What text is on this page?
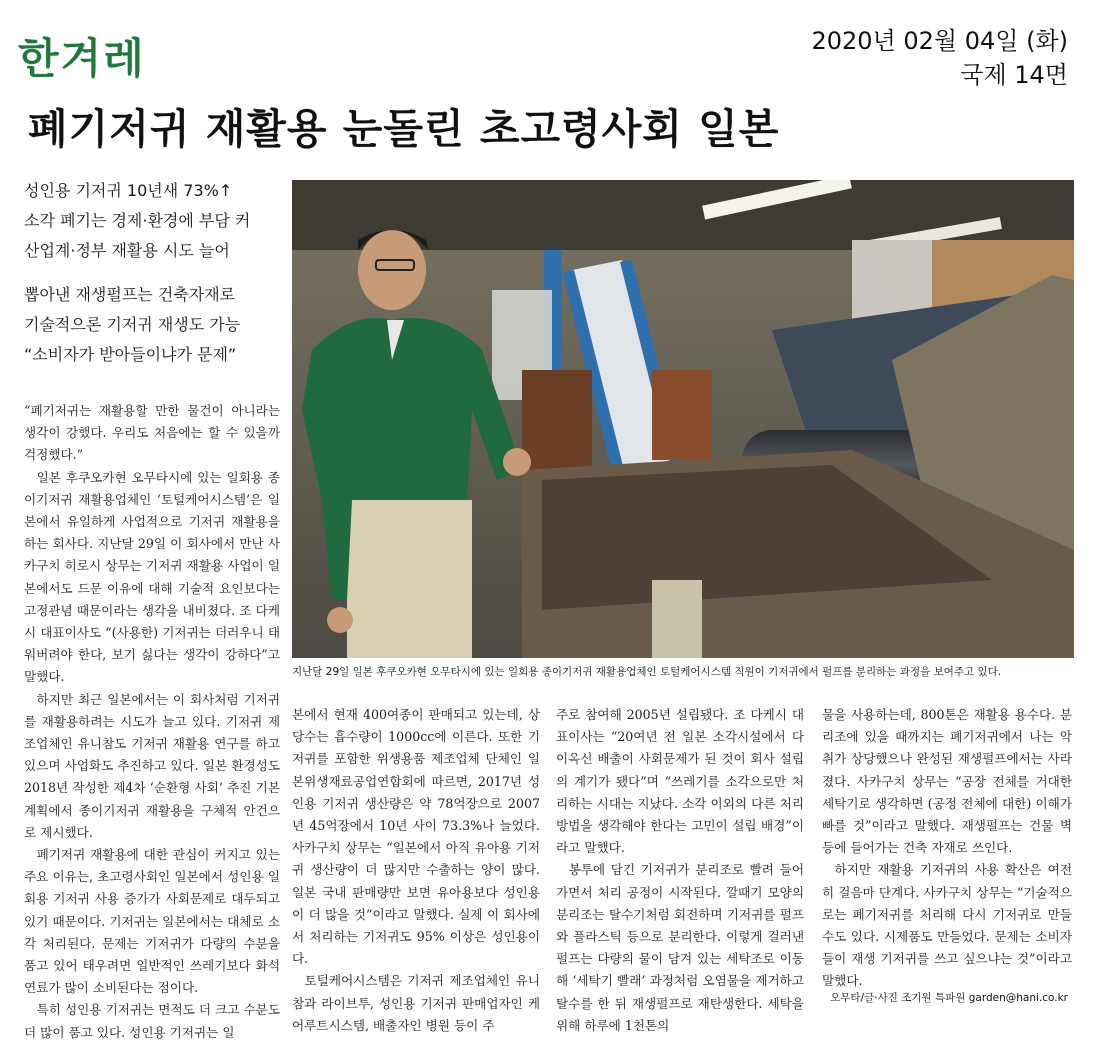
한겨레	2020년 02월 04일 (화)
국제 14면
폐기저귀 재활용 눈돌린 초고령사회 일본

성인용 기저귀 10년새 73%↑

소각 폐기는 경제·환경에 부담 커

산업계·정부 재활용 시도 늘어

뽑아낸 재생펄프는 건축자재로

기술적으론 기저귀 재생도 가능

“소비자가 받아들이냐가 문제”

지난달 29일 일본 후쿠오카현 오무타시에 있는 일회용 종이기저귀 재활용업체인 토털케어시스템 직원이 기저귀에서 펄프를 분리하는 과정을 보여주고 있다.

“폐기저귀는 재활용할 만한 물건이 아니라는 생각이 강했다. 우리도 처음에는 할 수 있을까 걱정했다.”

일본 후쿠오카현 오무타시에 있는 일회용 종이기저귀 재활용업체인 ‘토털케어시스템’은 일본에서 유일하게 사업적으로 기저귀 재활용을 하는 회사다. 지난달 29일 이 회사에서 만난 사카구치 히로시 상무는 기저귀 재활용 사업이 일본에서도 드문 이유에 대해 기술적 요인보다는 고정관념 때문이라는 생각을 내비쳤다. 조 다케시 대표이사도 “(사용한) 기저귀는 더러우니 태워버려야 한다, 보기 싫다는 생각이 강하다”고 말했다.

하지만 최근 일본에서는 이 회사처럼 기저귀를 재활용하려는 시도가 늘고 있다. 기저귀 제조업체인 유니참도 기저귀 재활용 연구를 하고 있으며 사업화도 추진하고 있다. 일본 환경성도 2018년 작성한 제4차 ‘순환형 사회’ 추진 기본계획에서 종이기저귀 재활용을 구체적 안건으로 제시했다.

폐기저귀 재활용에 대한 관심이 커지고 있는 주요 이유는, 초고령사회인 일본에서 성인용 일회용 기저귀 사용 증가가 사회문제로 대두되고 있기 때문이다. 기저귀는 일본에서는 대체로 소각 처리된다. 문제는 기저귀가 다량의 수분을 품고 있어 태우려면 일반적인 쓰레기보다 화석 연료가 많이 소비된다는 점이다.

특히 성인용 기저귀는 면적도 더 크고 수분도 더 많이 품고 있다. 성인용 기저귀는 일

본에서 현재 400여종이 판매되고 있는데, 상당수는 흡수량이 1000cc에 이른다. 또한 기저귀를 포함한 위생용품 제조업체 단체인 일본위생재료공업연합회에 따르면, 2017년 성인용 기저귀 생산량은 약 78억장으로 2007년 45억장에서 10년 사이 73.3%나 늘었다. 사카구치 상무는 “일본에서 아직 유아용 기저귀 생산량이 더 많지만 수출하는 양이 많다. 일본 국내 판매량만 보면 유아용보다 성인용이 더 많을 것”이라고 말했다. 실제 이 회사에서 처리하는 기저귀도 95% 이상은 성인용이다.

토털케어시스템은 기저귀 제조업체인 유니참과 라이브투, 성인용 기저귀 판매업자인 케어루트시스템, 배출자인 병원 등이 주

주로 참여해 2005년 설립됐다. 조 다케시 대표이사는 “20여년 전 일본 소각시설에서 다이옥신 배출이 사회문제가 된 것이 회사 설립의 계기가 됐다”며 “쓰레기를 소각으로만 처리하는 시대는 지났다. 소각 이외의 다른 처리 방법을 생각해야 한다는 고민이 설립 배경”이라고 말했다.

봉투에 담긴 기저귀가 분리조로 빨려 들어가면서 처리 공정이 시작된다. 깔때기 모양의 분리조는 탈수기처럼 회전하며 기저귀를 펄프와 플라스틱 등으로 분리한다. 이렇게 걸러낸 펄프는 다량의 물이 담겨 있는 세탁조로 이동해 ‘세탁기 빨래’ 과정처럼 오염물을 제거하고 탈수를 한 뒤 재생펄프로 재탄생한다. 세탁을 위해 하루에 1천톤의

물을 사용하는데, 800톤은 재활용 용수다. 분리조에 있을 때까지는 폐기저귀에서 나는 악취가 상당했으나 완성된 재생펄프에서는 사라졌다. 사카구치 상무는 “공장 전체를 거대한 세탁기로 생각하면 (공정 전체에 대한) 이해가 빠를 것”이라고 말했다. 재생펄프는 건물 벽 등에 들어가는 건축 자재로 쓰인다.

하지만 재활용 기저귀의 사용 확산은 여전히 걸음마 단계다. 사카구치 상무는 “기술적으로는 폐기저귀를 처리해 다시 기저귀로 만들 수도 있다. 시제품도 만들었다. 문제는 소비자들이 재생 기저귀를 쓰고 싶으냐는 것”이라고 말했다.

오무타/글·사진 조기원 특파원 garden@hani.co.kr
